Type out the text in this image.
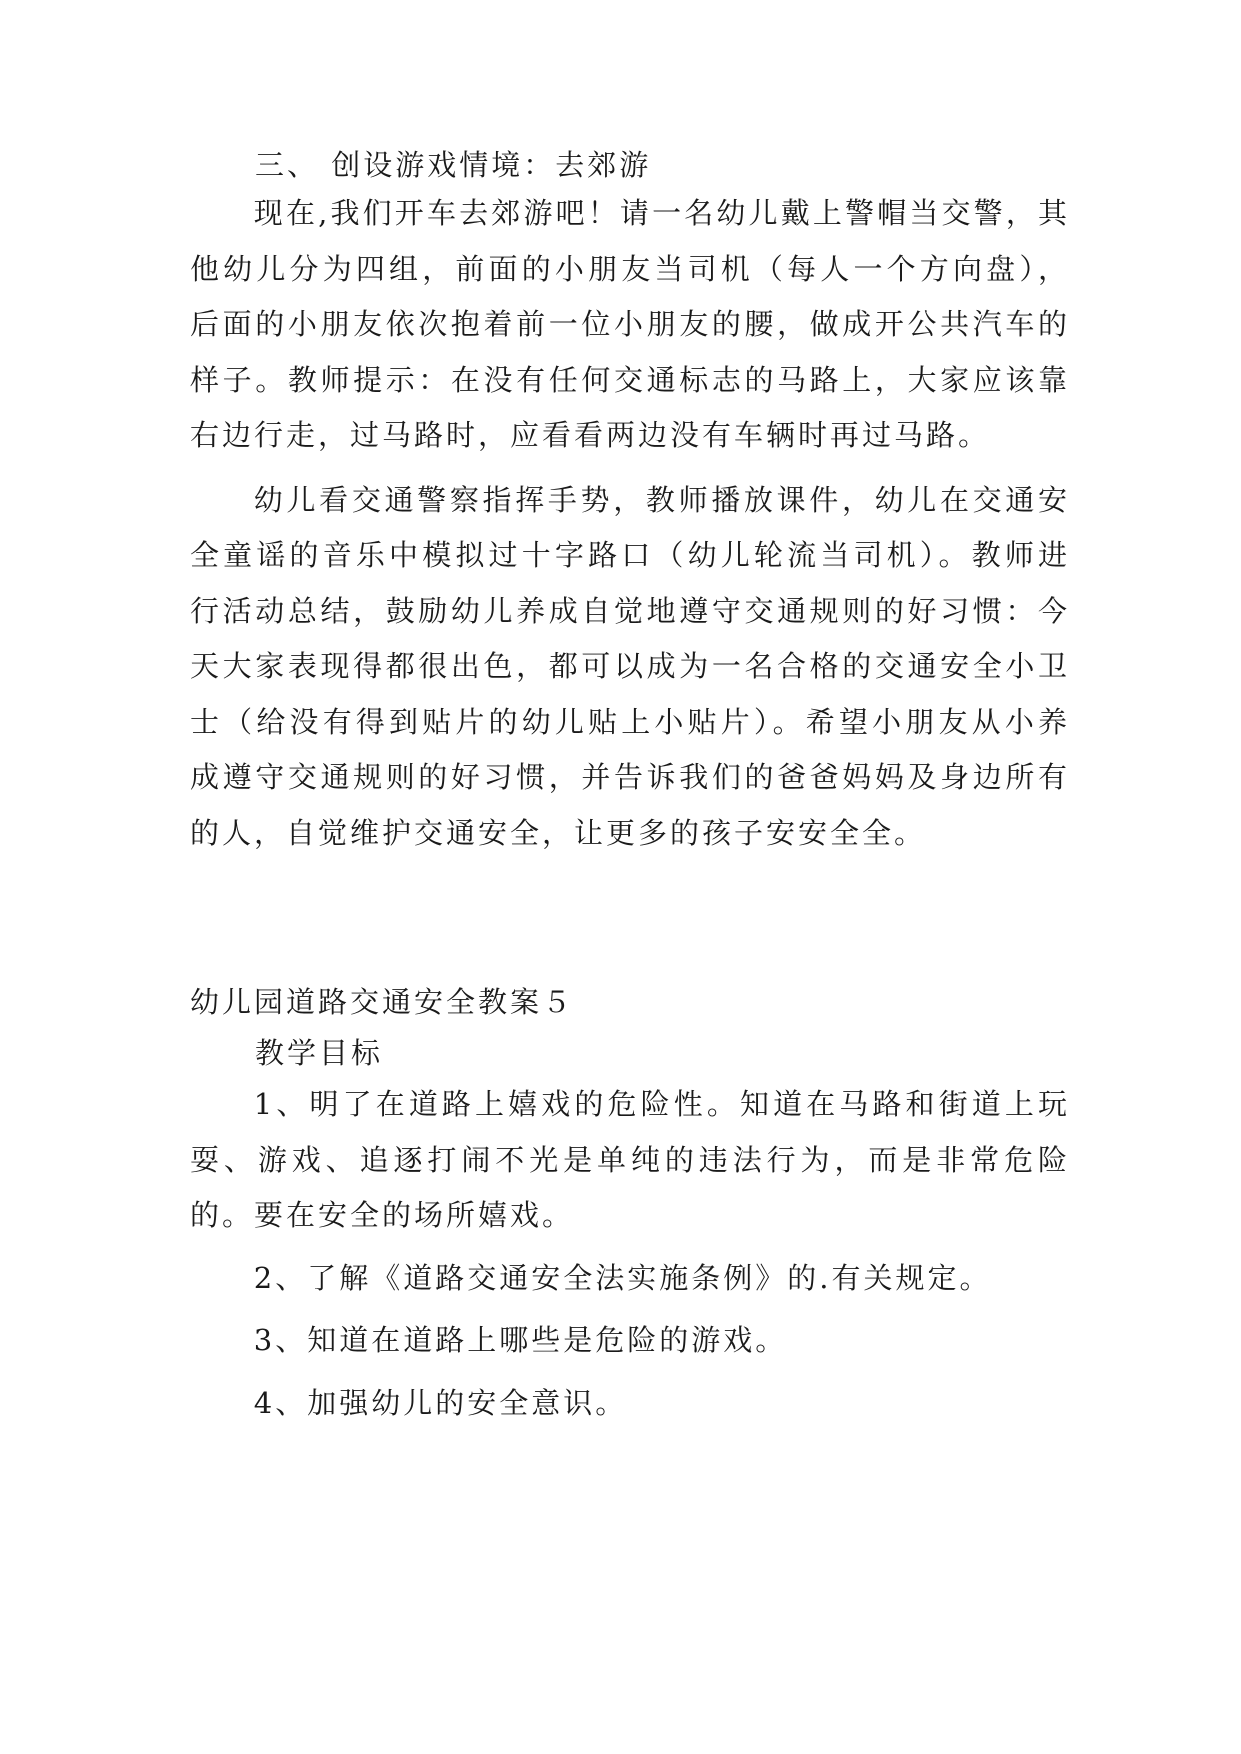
三、 创设游戏情境：去郊游

现在,我们开车去郊游吧！请一名幼儿戴上警帽当交警，其他幼儿分为四组，前面的小朋友当司机（每人一个方向盘），后面的小朋友依次抱着前一位小朋友的腰，做成开公共汽车的样子。教师提示：在没有任何交通标志的马路上，大家应该靠右边行走，过马路时，应看看两边没有车辆时再过马路。

幼儿看交通警察指挥手势，教师播放课件，幼儿在交通安全童谣的音乐中模拟过十字路口（幼儿轮流当司机）。教师进行活动总结，鼓励幼儿养成自觉地遵守交通规则的好习惯：今天大家表现得都很出色，都可以成为一名合格的交通安全小卫士（给没有得到贴片的幼儿贴上小贴片）。希望小朋友从小养成遵守交通规则的好习惯，并告诉我们的爸爸妈妈及身边所有的人，自觉维护交通安全，让更多的孩子安安全全。

幼儿园道路交通安全教案５
教学目标

1、明了在道路上嬉戏的危险性。知道在马路和街道上玩耍、游戏、追逐打闹不光是单纯的违法行为，而是非常危险的。要在安全的场所嬉戏。

2、了解《道路交通安全法实施条例》的.有关规定。

3、知道在道路上哪些是危险的游戏。

4、加强幼儿的安全意识。
